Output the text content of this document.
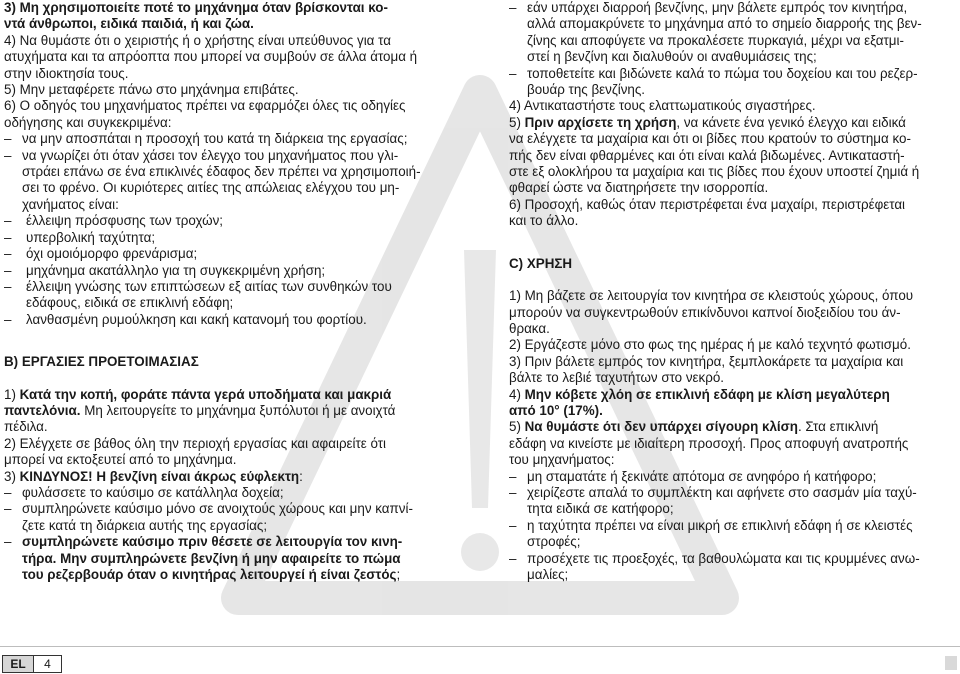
3) Μη χρησιμοποιείτε ποτέ το μηχάνημα όταν βρίσκονται κο-

ντά άνθρωποι, ειδικά παιδιά, ή και ζώα.

4) Να θυμάστε ότι ο χειριστής ή ο χρήστης είναι υπεύθυνος για τα

ατυχήματα και τα απρόοπτα που μπορεί να συμβούν σε άλλα άτομα ή

στην ιδιοκτησία τους.

5) Μην μεταφέρετε πάνω στο μηχάνημα επιβάτες.

6) Ο οδηγός του μηχανήματος πρέπει να εφαρμόζει όλες τις οδηγίες

οδήγησης και συγκεκριμένα:

– να μην αποσπάται η προσοχή του κατά τη διάρκεια της εργασίας;
– να γνωρίζει ότι όταν χάσει τον έλεγχο του μηχανήματος που γλι-

στράει επάνω σε ένα επικλινές έδαφος δεν πρέπει να χρησιμοποιή-

σει το φρένο. Οι κυριότερες αιτίες της απώλειας ελέγχου του μη-

χανήματος είναι:

– έλλειψη πρόσφυσης των τροχών;
– υπερβολική ταχύτητα;
– όχι ομοιόμορφο φρενάρισμα;
– μηχάνημα ακατάλληλο για τη συγκεκριμένη χρήση;
– έλλειψη γνώσης των επιπτώσεων εξ αιτίας των συνθηκών του

εδάφους, ειδικά σε επικλινή εδάφη;

– λανθασμένη ρυμούλκηση και κακή κατανομή του φορτίου.

B) ΕΡΓΑΣΙΕΣ ΠΡΟΕΤΟΙΜΑΣΙΑΣ

1) Κατά την κοπή, φοράτε πάντα γερά υποδήματα και μακριά

παντελόνια. Μη λειτουργείτε το μηχάνημα ξυπόλυτοι ή με ανοιχτά

πέδιλα.

2) Ελέγχετε σε βάθος όλη την περιοχή εργασίας και αφαιρείτε ότι

μπορεί να εκτοξευτεί από το μηχάνημα.

3) ΚΙΝΔΥΝΟΣ! Η βενζίνη είναι άκρως εύφλεκτη:

– φυλάσσετε το καύσιμο σε κατάλληλα δοχεία;
– συμπληρώνετε καύσιμο μόνο σε ανοιχτούς χώρους και μην καπνί-

ζετε κατά τη διάρκεια αυτής της εργασίας;

– συμπληρώνετε καύσιμο πριν θέσετε σε λειτουργία τον κινη-

τήρα. Μην συμπληρώνετε βενζίνη ή μην αφαιρείτε το πώμα

του ρεζερβουάρ όταν ο κινητήρας λειτουργεί ή είναι ζεστός;

– εάν υπάρχει διαρροή βενζίνης, μην βάλετε εμπρός τον κινητήρα,

αλλά απομακρύνετε το μηχάνημα από το σημείο διαρροής της βεν-

ζίνης και αποφύγετε να προκαλέσετε πυρκαγιά, μέχρι να εξατμι-

στεί η βενζίνη και διαλυθούν οι αναθυμιάσεις της;

– τοποθετείτε και βιδώνετε καλά το πώμα του δοχείου και του ρεζερ-

βουάρ της βενζίνης.

4) Αντικαταστήστε τους ελαττωματικούς σιγαστήρες.

5) Πριν αρχίσετε τη χρήση, να κάνετε ένα γενικό έλεγχο και ειδικά

να ελέγχετε τα μαχαίρια και ότι οι βίδες που κρατούν το σύστημα κο-

πής δεν είναι φθαρμένες και ότι είναι καλά βιδωμένες. Αντικαταστή-

στε εξ ολοκλήρου τα μαχαίρια και τις βίδες που έχουν υποστεί ζημιά ή

φθαρεί ώστε να διατηρήσετε την ισορροπία.

6) Προσοχή, καθώς όταν περιστρέφεται ένα μαχαίρι, περιστρέφεται

και το άλλο.

C) ΧΡΗΣΗ

1) Μη βάζετε σε λειτουργία τον κινητήρα σε κλειστούς χώρους, όπου

μπορούν να συγκεντρωθούν επικίνδυνοι καπνοί διοξειδίου του άν-

θρακα.

2) Εργάζεστε μόνο στο φως της ημέρας ή με καλό τεχνητό φωτισμό.

3) Πριν βάλετε εμπρός τον κινητήρα, ξεμπλοκάρετε τα μαχαίρια και

βάλτε το λεβιέ ταχυτήτων στο νεκρό.

4) Μην κόβετε χλόη σε επικλινή εδάφη με κλίση μεγαλύτερη

από 10° (17%).

5) Να θυμάστε ότι δεν υπάρχει σίγουρη κλίση. Στα επικλινή

εδάφη να κινείστε με ιδιαίτερη προσοχή. Προς αποφυγή ανατροπής

του μηχανήματος:

– μη σταματάτε ή ξεκινάτε απότομα σε ανηφόρο ή κατήφορο;
– χειρίζεστε απαλά το συμπλέκτη και αφήνετε στο σασμάν μία ταχύ-

τητα ειδικά σε κατήφορο;

– η ταχύτητα πρέπει να είναι μικρή σε επικλινή εδάφη ή σε κλειστές

στροφές;

– προσέχετε τις προεξοχές, τα βαθουλώματα και τις κρυμμένες ανω-

μαλίες;

EL	4
